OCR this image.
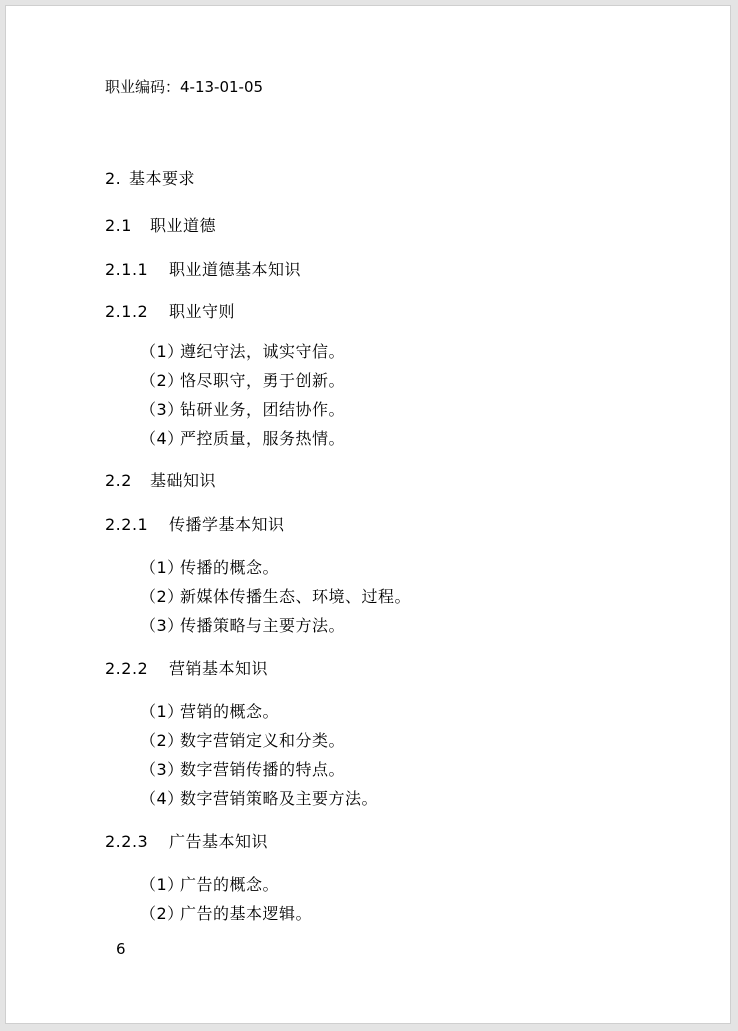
职业编码：4-13-01-05
2. 基本要求
2.1 职业道德
2.1.1 职业道德基本知识
2.1.2 职业守则
（1）遵纪守法，诚实守信。
（2）恪尽职守，勇于创新。
（3）钻研业务，团结协作。
（4）严控质量，服务热情。
2.2 基础知识
2.2.1 传播学基本知识
（1）传播的概念。
（2）新媒体传播生态、环境、过程。
（3）传播策略与主要方法。
2.2.2 营销基本知识
（1）营销的概念。
（2）数字营销定义和分类。
（3）数字营销传播的特点。
（4）数字营销策略及主要方法。
2.2.3 广告基本知识
（1）广告的概念。
（2）广告的基本逻辑。
6
